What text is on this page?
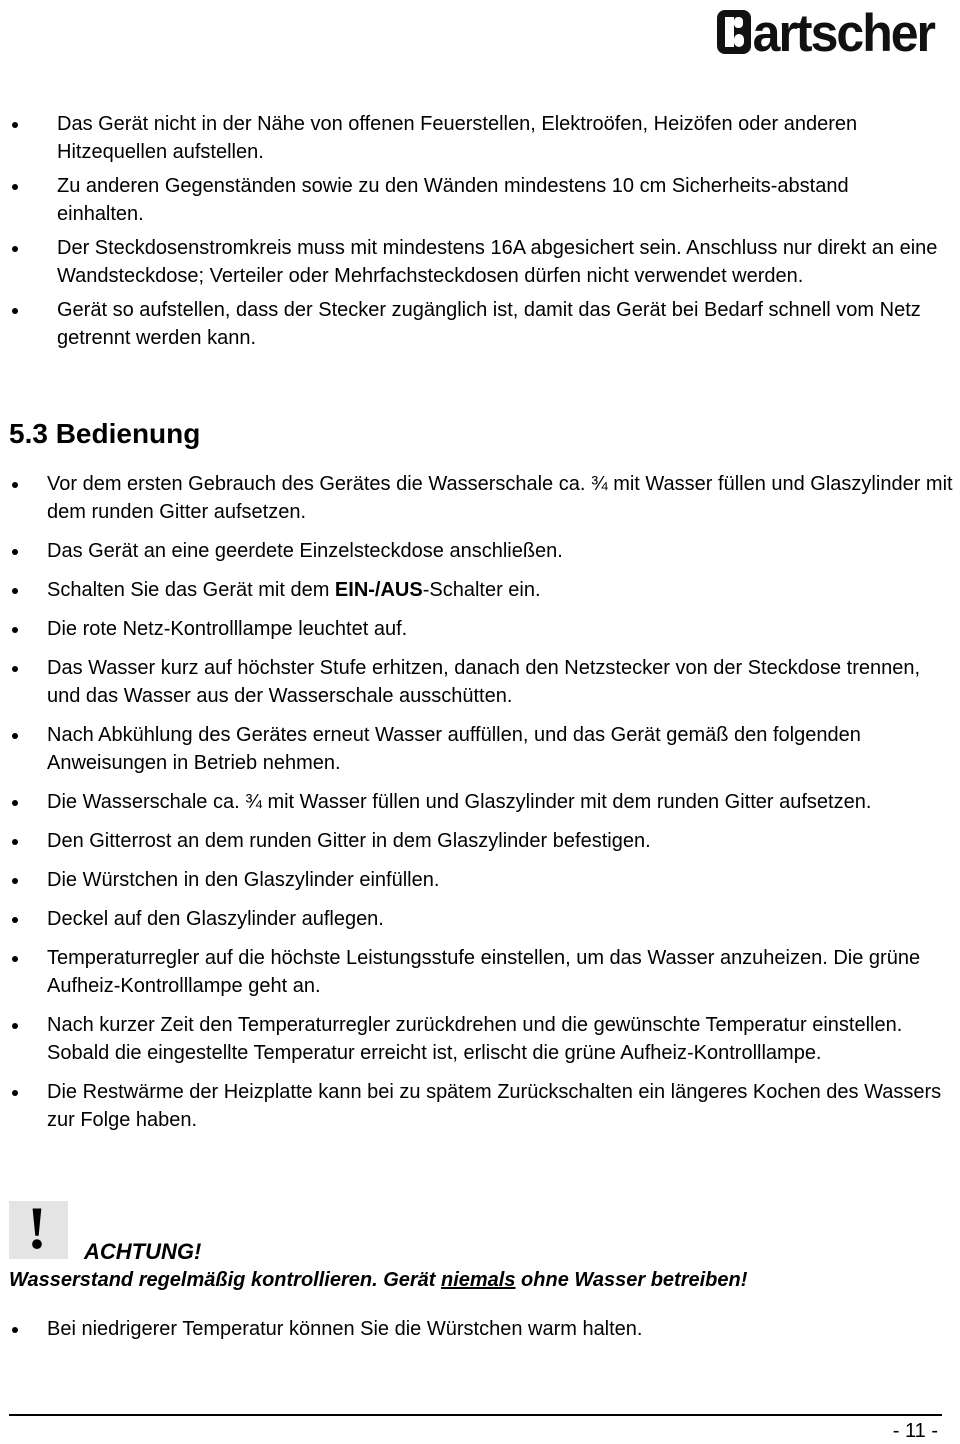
artscher
Das Gerät nicht in der Nähe von offenen Feuerstellen, Elektroöfen, Heizöfen oder anderen Hitzequellen aufstellen.
Zu anderen Gegenständen sowie zu den Wänden mindestens 10 cm Sicherheits-abstand einhalten.
Der Steckdosenstromkreis muss mit mindestens 16A abgesichert sein. Anschluss nur direkt an eine Wandsteckdose; Verteiler oder Mehrfachsteckdosen dürfen nicht verwendet werden.
Gerät so aufstellen, dass der Stecker zugänglich ist, damit das Gerät bei Bedarf schnell vom Netz getrennt werden kann.
5.3 Bedienung
Vor dem ersten Gebrauch des Gerätes die Wasserschale ca. ¾ mit Wasser füllen und Glaszylinder mit dem runden Gitter aufsetzen.
Das Gerät an eine geerdete Einzelsteckdose anschließen.
Schalten Sie das Gerät mit dem EIN-/AUS-Schalter ein.
Die rote Netz-Kontrolllampe leuchtet auf.
Das Wasser kurz auf höchster Stufe erhitzen, danach den Netzstecker von der Steckdose trennen, und das Wasser aus der Wasserschale ausschütten.
Nach Abkühlung des Gerätes erneut Wasser auffüllen, und das Gerät gemäß den folgenden Anweisungen in Betrieb nehmen.
Die Wasserschale ca. ¾ mit Wasser füllen und Glaszylinder mit dem runden Gitter aufsetzen.
Den Gitterrost an dem runden Gitter in dem Glaszylinder befestigen.
Die Würstchen in den Glaszylinder einfüllen.
Deckel auf den Glaszylinder auflegen.
Temperaturregler auf die höchste Leistungsstufe einstellen, um das Wasser anzuheizen. Die grüne Aufheiz-Kontrolllampe geht an.
Nach kurzer Zeit den Temperaturregler zurückdrehen und die gewünschte Temperatur einstellen. Sobald die eingestellte Temperatur erreicht ist, erlischt die grüne Aufheiz-Kontrolllampe.
Die Restwärme der Heizplatte kann bei zu spätem Zurückschalten ein längeres Kochen des Wassers zur Folge haben.
! ACHTUNG!
Wasserstand regelmäßig kontrollieren. Gerät niemals ohne Wasser betreiben!
Bei niedrigerer Temperatur können Sie die Würstchen warm halten.
- 11 -
